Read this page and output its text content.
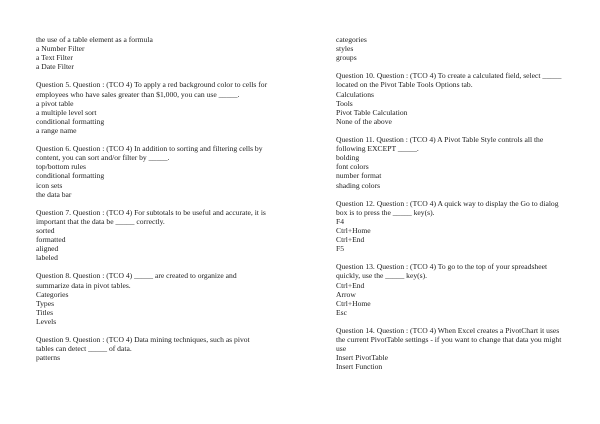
the use of a table element as a formula
a Number Filter
a Text Filter
a Date Filter
Question 5. Question : (TCO 4) To apply a red background color to cells for employees who have sales greater than $1,000, you can use _____.
a pivot table
a multiple level sort
conditional formatting
a range name
Question 6. Question : (TCO 4) In addition to sorting and filtering cells by content, you can sort and/or filter by _____.
top/bottom rules
conditional formatting
icon sets
the data bar
Question 7. Question : (TCO 4) For subtotals to be useful and accurate, it is important that the data be _____ correctly.
sorted
formatted
aligned
labeled
Question 8. Question : (TCO 4) _____ are created to organize and summarize data in pivot tables.
Categories
Types
Titles
Levels
Question 9. Question : (TCO 4) Data mining techniques, such as pivot tables can detect _____ of data.
patterns
categories
styles
groups
Question 10. Question : (TCO 4) To create a calculated field, select _____ located on the Pivot Table Tools Options tab.
Calculations
Tools
Pivot Table Calculation
None of the above
Question 11. Question : (TCO 4) A Pivot Table Style controls all the following EXCEPT _____.
bolding
font colors
number format
shading colors
Question 12. Question : (TCO 4) A quick way to display the Go to dialog box is to press the _____ key(s).
F4
Ctrl+Home
Ctrl+End
F5
Question 13. Question : (TCO 4) To go to the top of your spreadsheet quickly, use the _____ key(s).
Ctrl+End
Arrow
Ctrl+Home
Esc
Question 14. Question : (TCO 4) When Excel creates a PivotChart it uses the current PivotTable settings - if you want to change that data you might use
Insert PivotTable
Insert Function
